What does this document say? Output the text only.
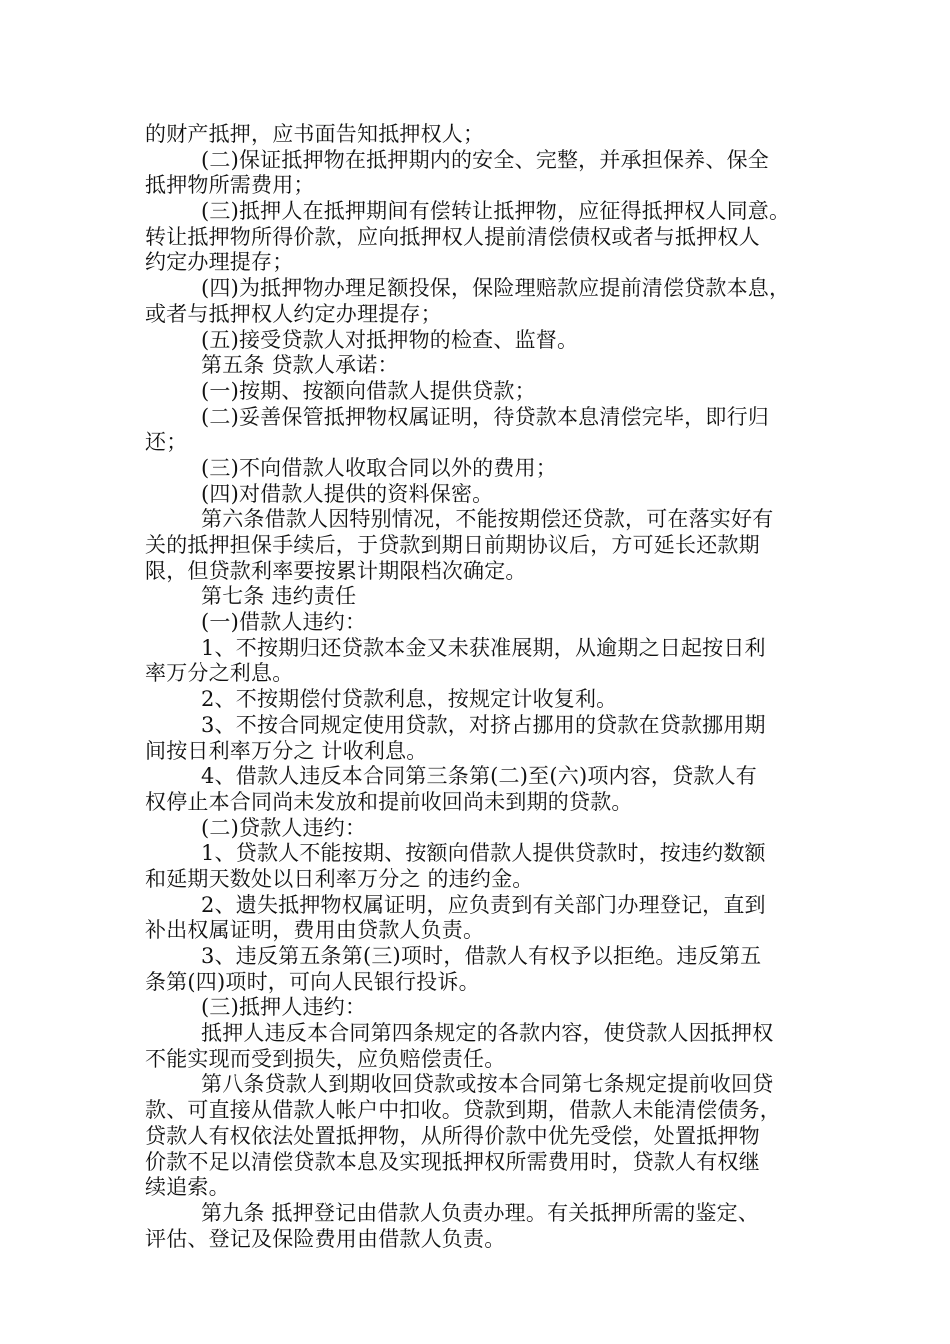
的财产抵押，应书面告知抵押权人；
(二)保证抵押物在抵押期内的安全、完整，并承担保养、保全
抵押物所需费用；
(三)抵押人在抵押期间有偿转让抵押物，应征得抵押权人同意。
转让抵押物所得价款，应向抵押权人提前清偿债权或者与抵押权人
约定办理提存；
(四)为抵押物办理足额投保，保险理赔款应提前清偿贷款本息，
或者与抵押权人约定办理提存；
(五)接受贷款人对抵押物的检查、监督。
第五条 贷款人承诺：
(一)按期、按额向借款人提供贷款；
(二)妥善保管抵押物权属证明，待贷款本息清偿完毕，即行归
还；
(三)不向借款人收取合同以外的费用；
(四)对借款人提供的资料保密。
第六条借款人因特别情况，不能按期偿还贷款，可在落实好有
关的抵押担保手续后，于贷款到期日前期协议后，方可延长还款期
限，但贷款利率要按累计期限档次确定。
第七条 违约责任
(一)借款人违约：
1、不按期归还贷款本金又未获准展期，从逾期之日起按日利
率万分之利息。
2、不按期偿付贷款利息，按规定计收复利。
3、不按合同规定使用贷款，对挤占挪用的贷款在贷款挪用期
间按日利率万分之 计收利息。
4、借款人违反本合同第三条第(二)至(六)项内容，贷款人有
权停止本合同尚未发放和提前收回尚未到期的贷款。
(二)贷款人违约：
1、贷款人不能按期、按额向借款人提供贷款时，按违约数额
和延期天数处以日利率万分之 的违约金。
2、遗失抵押物权属证明，应负责到有关部门办理登记，直到
补出权属证明，费用由贷款人负责。
3、违反第五条第(三)项时，借款人有权予以拒绝。违反第五
条第(四)项时，可向人民银行投诉。
(三)抵押人违约：
抵押人违反本合同第四条规定的各款内容，使贷款人因抵押权
不能实现而受到损失，应负赔偿责任。
第八条贷款人到期收回贷款或按本合同第七条规定提前收回贷
款、可直接从借款人帐户中扣收。贷款到期，借款人未能清偿债务，
贷款人有权依法处置抵押物，从所得价款中优先受偿，处置抵押物
价款不足以清偿贷款本息及实现抵押权所需费用时，贷款人有权继
续追索。
第九条 抵押登记由借款人负责办理。有关抵押所需的鉴定、
评估、登记及保险费用由借款人负责。
